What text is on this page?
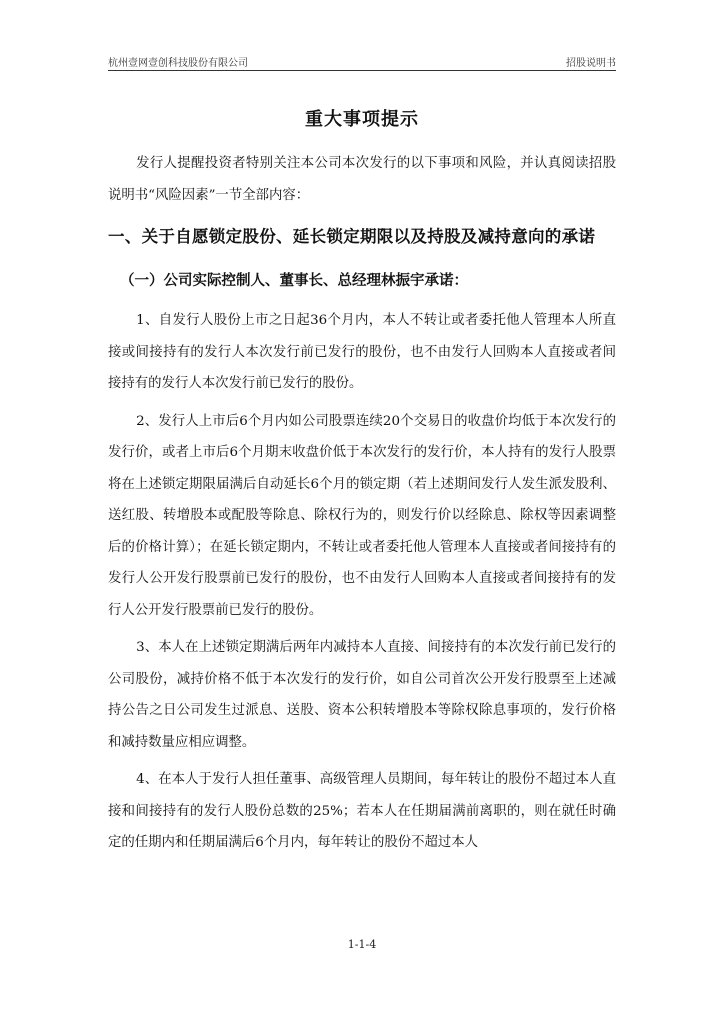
杭州壹网壹创科技股份有限公司	招股说明书
重大事项提示

发行人提醒投资者特别关注本公司本次发行的以下事项和风险，并认真阅读招股说明书“风险因素”一节全部内容：

一、关于自愿锁定股份、延长锁定期限以及持股及减持意向的承诺
（一）公司实际控制人、董事长、总经理林振宇承诺：

1、自发行人股份上市之日起36个月内，本人不转让或者委托他人管理本人所直接或间接持有的发行人本次发行前已发行的股份，也不由发行人回购本人直接或者间接持有的发行人本次发行前已发行的股份。

2、发行人上市后6个月内如公司股票连续20个交易日的收盘价均低于本次发行的发行价，或者上市后6个月期末收盘价低于本次发行的发行价，本人持有的发行人股票将在上述锁定期限届满后自动延长6个月的锁定期（若上述期间发行人发生派发股利、送红股、转增股本或配股等除息、除权行为的，则发行价以经除息、除权等因素调整后的价格计算）；在延长锁定期内，不转让或者委托他人管理本人直接或者间接持有的发行人公开发行股票前已发行的股份，也不由发行人回购本人直接或者间接持有的发行人公开发行股票前已发行的股份。

3、本人在上述锁定期满后两年内减持本人直接、间接持有的本次发行前已发行的公司股份，减持价格不低于本次发行的发行价，如自公司首次公开发行股票至上述减持公告之日公司发生过派息、送股、资本公积转增股本等除权除息事项的，发行价格和减持数量应相应调整。

4、在本人于发行人担任董事、高级管理人员期间，每年转让的股份不超过本人直接和间接持有的发行人股份总数的25%；若本人在任期届满前离职的，则在就任时确定的任期内和任期届满后6个月内，每年转让的股份不超过本人

1-1-4
